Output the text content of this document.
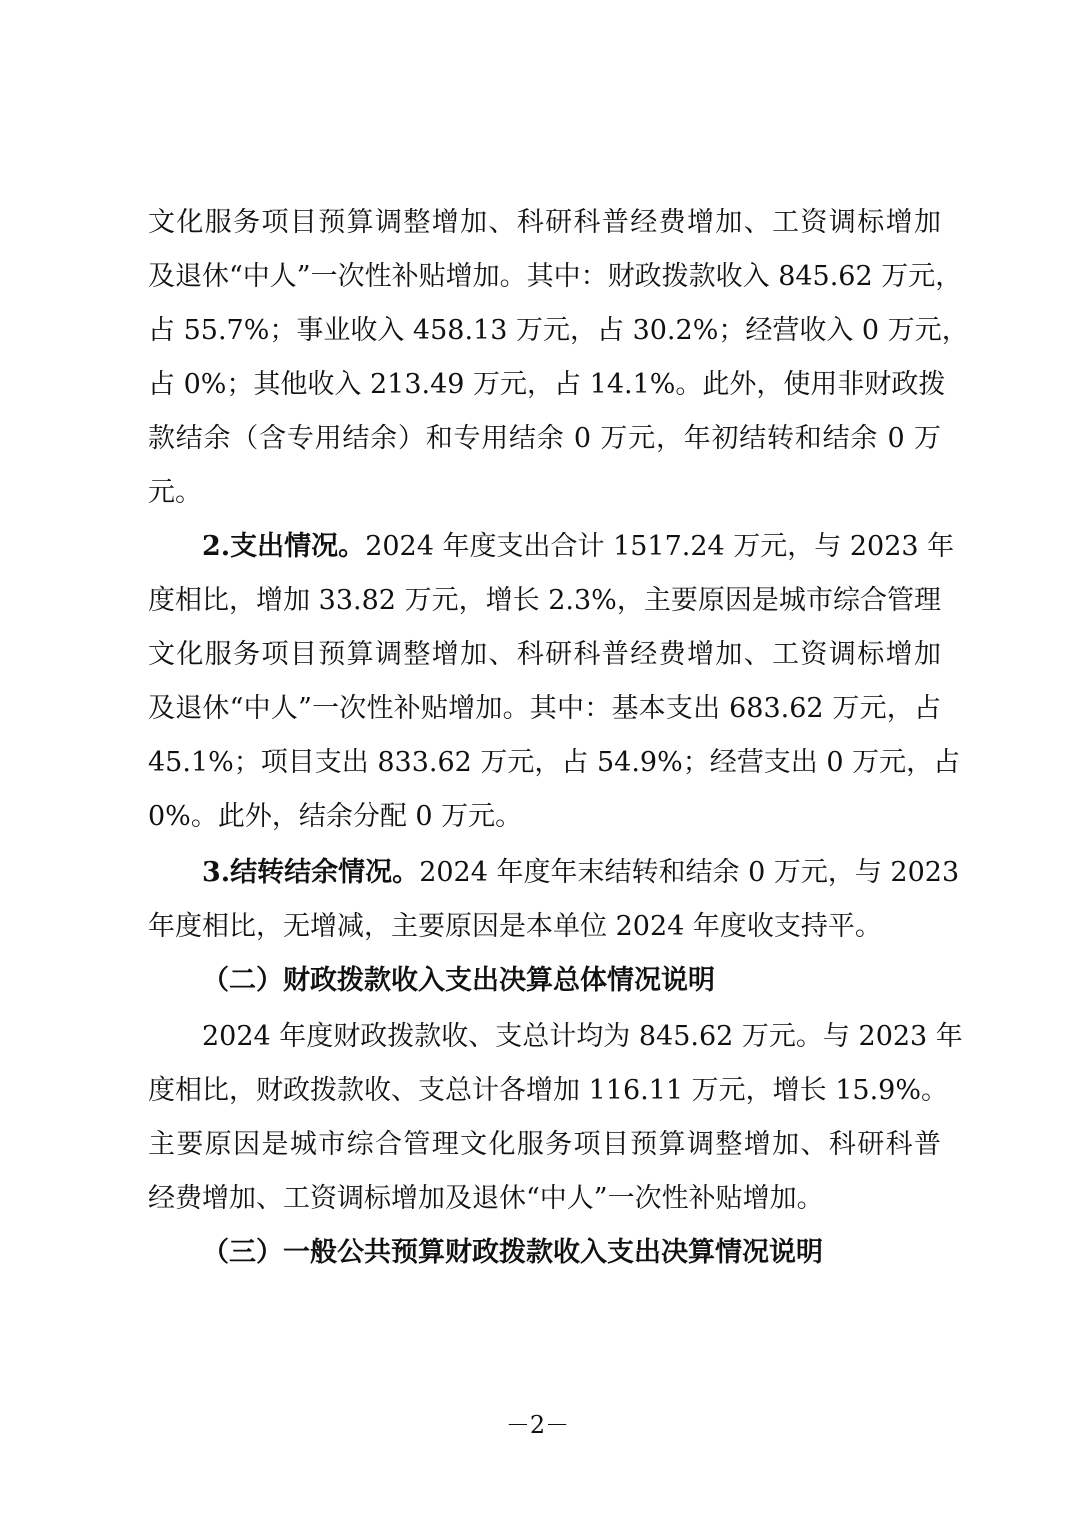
文化服务项目预算调整增加、科研科普经费增加、工资调标增加
及退休“中人”一次性补贴增加。其中：财政拨款收入 845.62 万元，
占 55.7%；事业收入 458.13 万元，占 30.2%；经营收入 0 万元，
占 0%；其他收入 213.49 万元，占 14.1%。此外，使用非财政拨
款结余（含专用结余）和专用结余 0 万元，年初结转和结余 0 万
元。
2.支出情况。2024 年度支出合计 1517.24 万元，与 2023 年
度相比，增加 33.82 万元，增长 2.3%，主要原因是城市综合管理
文化服务项目预算调整增加、科研科普经费增加、工资调标增加
及退休“中人”一次性补贴增加。其中：基本支出 683.62 万元，占
45.1%；项目支出 833.62 万元，占 54.9%；经营支出 0 万元，占
0%。此外，结余分配 0 万元。
3.结转结余情况。2024 年度年末结转和结余 0 万元，与 2023
年度相比，无增减，主要原因是本单位 2024 年度收支持平。
（二）财政拨款收入支出决算总体情况说明
2024 年度财政拨款收、支总计均为 845.62 万元。与 2023 年
度相比，财政拨款收、支总计各增加 116.11 万元，增长 15.9%。
主要原因是城市综合管理文化服务项目预算调整增加、科研科普
经费增加、工资调标增加及退休“中人”一次性补贴增加。
（三）一般公共预算财政拨款收入支出决算情况说明
－2－
